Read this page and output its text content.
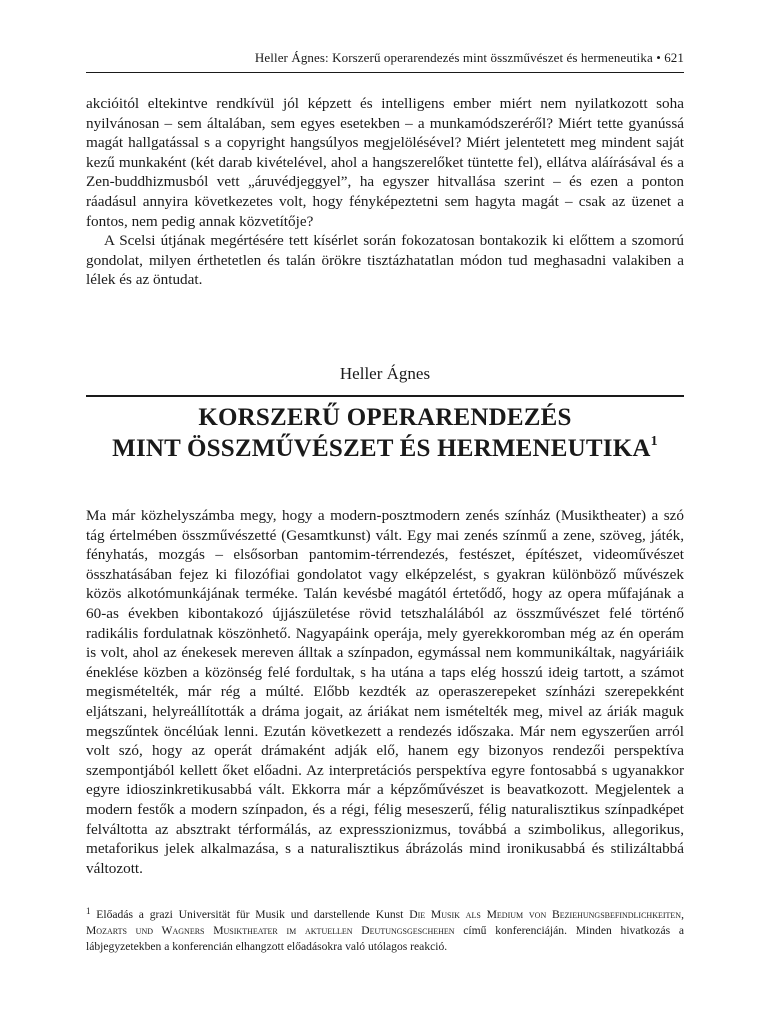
Heller Ágnes: Korszerű operarendezés mint összművészet és hermeneutika • 621

akcióitól eltekintve rendkívül jól képzett és intelligens ember miért nem nyilatkozott soha nyilvánosan – sem általában, sem egyes esetekben – a munkamódszeréről? Miért tette gyanússá magát hallgatással s a copyright hangsúlyos megjelölésével? Miért jelentetett meg mindent saját kezű munkaként (két darab kivételével, ahol a hangszerelőket tüntette fel), ellátva aláírásával és a Zen-buddhizmusból vett „áruvédjeggyel”, ha egyszer hitvallása szerint – és ezen a ponton ráadásul annyira következetes volt, hogy fényképeztetni sem hagyta magát – csak az üzenet a fontos, nem pedig annak közvetítője?

A Scelsi útjának megértésére tett kísérlet során fokozatosan bontakozik ki előttem a szomorú gondolat, milyen érthetetlen és talán örökre tisztázhatatlan módon tud meghasadni valakiben a lélek és az öntudat.

Heller Ágnes
KORSZERŰ OPERARENDEZÉS
MINT ÖSSZMŰVÉSZET ÉS HERMENEUTIKA$^1$

Ma már közhelyszámba megy, hogy a modern-posztmodern zenés színház (Musiktheater) a szó tág értelmében összművészetté (Gesamtkunst) vált. Egy mai zenés színmű a zene, szöveg, játék, fényhatás, mozgás – elsősorban pantomim-térrendezés, festészet, építészet, videoművészet összhatásában fejez ki filozófiai gondolatot vagy elképzelést, s gyakran különböző művészek közös alkotómunkájának terméke. Talán kevésbé magától értetődő, hogy az opera műfajának a 60-as években kibontakozó újjászületése rövid tetszhalálából az összművészet felé történő radikális fordulatnak köszönhető. Nagyapáink operája, mely gyerekkoromban még az én operám is volt, ahol az énekesek mereven álltak a színpadon, egymással nem kommunikáltak, nagyáriáik éneklése közben a közönség felé fordultak, s ha utána a taps elég hosszú ideig tartott, a számot megismételték, már rég a múlté. Előbb kezdték az operaszerepeket színházi szerepekként eljátszani, helyreállították a dráma jogait, az áriákat nem ismételték meg, mivel az áriák maguk megszűntek öncélúak lenni. Ezután következett a rendezés időszaka. Már nem egyszerűen arról volt szó, hogy az operát drámaként adják elő, hanem egy bizonyos rendezői perspektíva szempontjából kellett őket előadni. Az interpretációs perspektíva egyre fontosabbá s ugyanakkor egyre idioszinkretikusabbá vált. Ekkorra már a képzőművészet is beavatkozott. Megjelentek a modern festők a modern színpadon, és a régi, félig meseszerű, félig naturalisztikus színpadképet felváltotta az absztrakt térformálás, az expresszionizmus, továbbá a szimbolikus, allegorikus, metaforikus jelek alkalmazása, s a naturalisztikus ábrázolás mind ironikusabbá és stilizáltabbá változott.

$^1$ Előadás a grazi Universität für Musik und darstellende Kunst Die Musik als Medium von Beziehungsbefindlichkeiten, Mozarts und Wagners Musiktheater im aktuellen Deutungsgeschehen című konferenciáján. Minden hivatkozás a lábjegyzetekben a konferencián elhangzott előadásokra való utólagos reakció.
